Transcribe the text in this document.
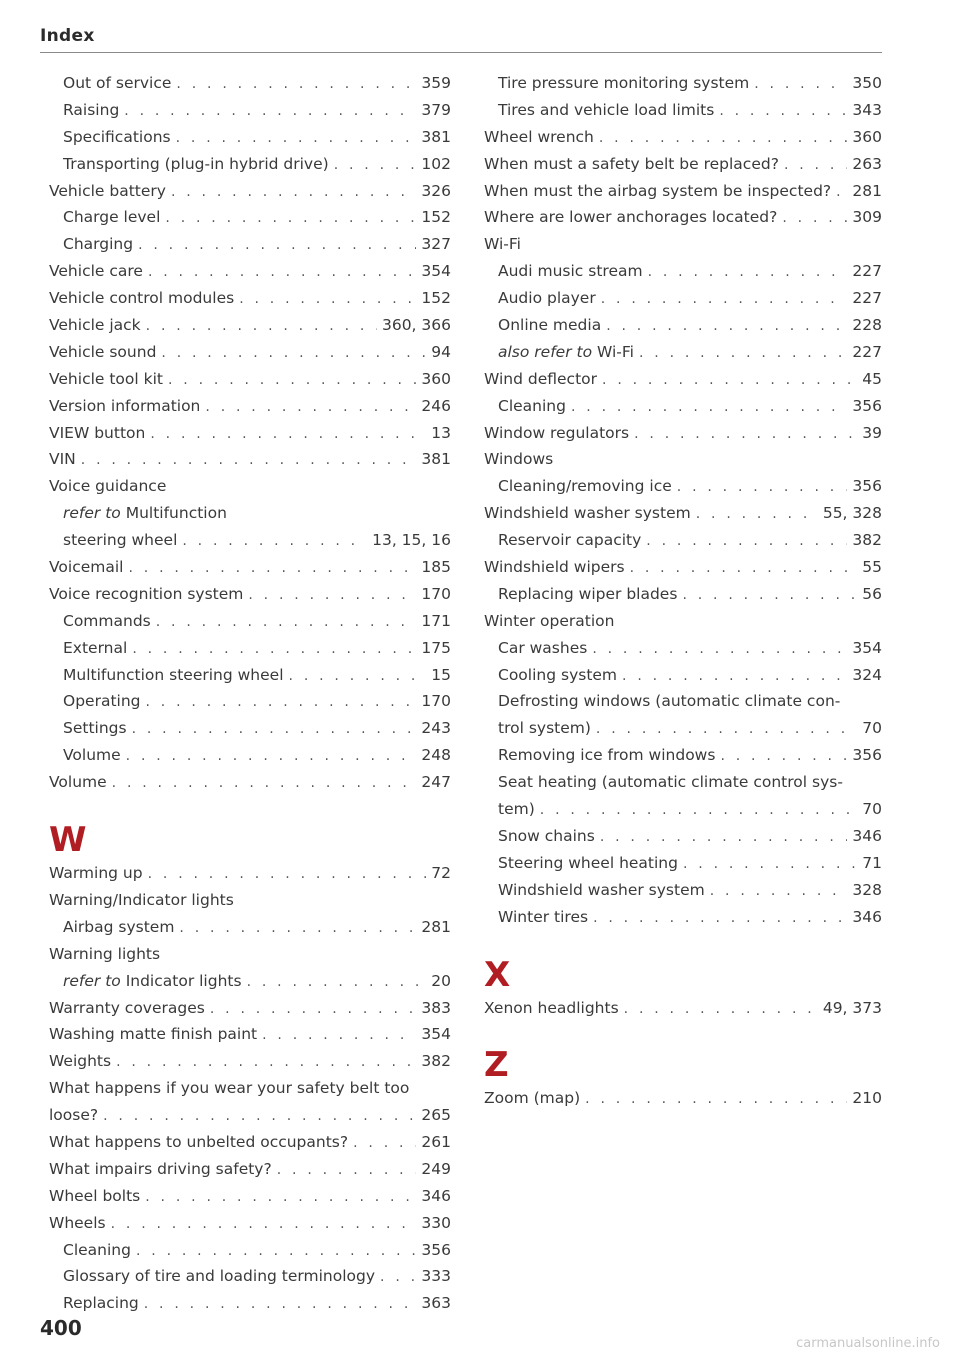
Index
Out of service . . .	359
Raising . . .	379
Specifications . . .	381
Transporting (plug-in hybrid drive) . . .	102
Vehicle battery . . .	326
Charge level . . .	152
Charging . . .	327
Vehicle care . . .	354
Vehicle control modules . . .	152
Vehicle jack . . .	360, 366
Vehicle sound . . .	94
Vehicle tool kit . . .	360
Version information . . .	246
VIEW button . . .	13
VIN . . .	381
Voice guidance
refer to Multifunction
steering wheel . . .	13, 15, 16
Voicemail . . .	185
Voice recognition system . . .	170
Commands . . .	171
External . . .	175
Multifunction steering wheel . . .	15
Operating . . .	170
Settings . . .	243
Volume . . .	248
Volume . . .	247
W
Warming up . . .	72
Warning/Indicator lights
Airbag system . . .	281
Warning lights
refer to Indicator lights . . .	20
Warranty coverages . . .	383
Washing matte finish paint . . .	354
Weights . . .	382
What happens if you wear your safety belt too
loose? . . .	265
What happens to unbelted occupants? . . .	261
What impairs driving safety? . . .	249
Wheel bolts . . .	346
Wheels . . .	330
Cleaning . . .	356
Glossary of tire and loading terminology . . .	333
Replacing . . .	363
Tire pressure monitoring system . . .	350
Tires and vehicle load limits . . .	343
Wheel wrench . . .	360
When must a safety belt be replaced? . . .	263
When must the airbag system be inspected? . . . 281
Where are lower anchorages located? . . .	309
Wi-Fi
Audi music stream . . .	227
Audio player . . .	227
Online media . . .	228
also refer to Wi-Fi . . .	227
Wind deflector . . .	45
Cleaning . . .	356
Window regulators . . .	39
Windows
Cleaning/removing ice . . .	356
Windshield washer system . . .	55, 328
Reservoir capacity . . .	382
Windshield wipers . . .	55
Replacing wiper blades . . .	56
Winter operation
Car washes . . .	354
Cooling system . . .	324
Defrosting windows (automatic climate con-
trol system) . . .	70
Removing ice from windows . . .	356
Seat heating (automatic climate control sys-
tem) . . .	70
Snow chains . . .	346
Steering wheel heating . . .	71
Windshield washer system . . .	328
Winter tires . . .	346
X
Xenon headlights . . .	49, 373
Z
Zoom (map) . . .	210
400
carmanualsonline.info
